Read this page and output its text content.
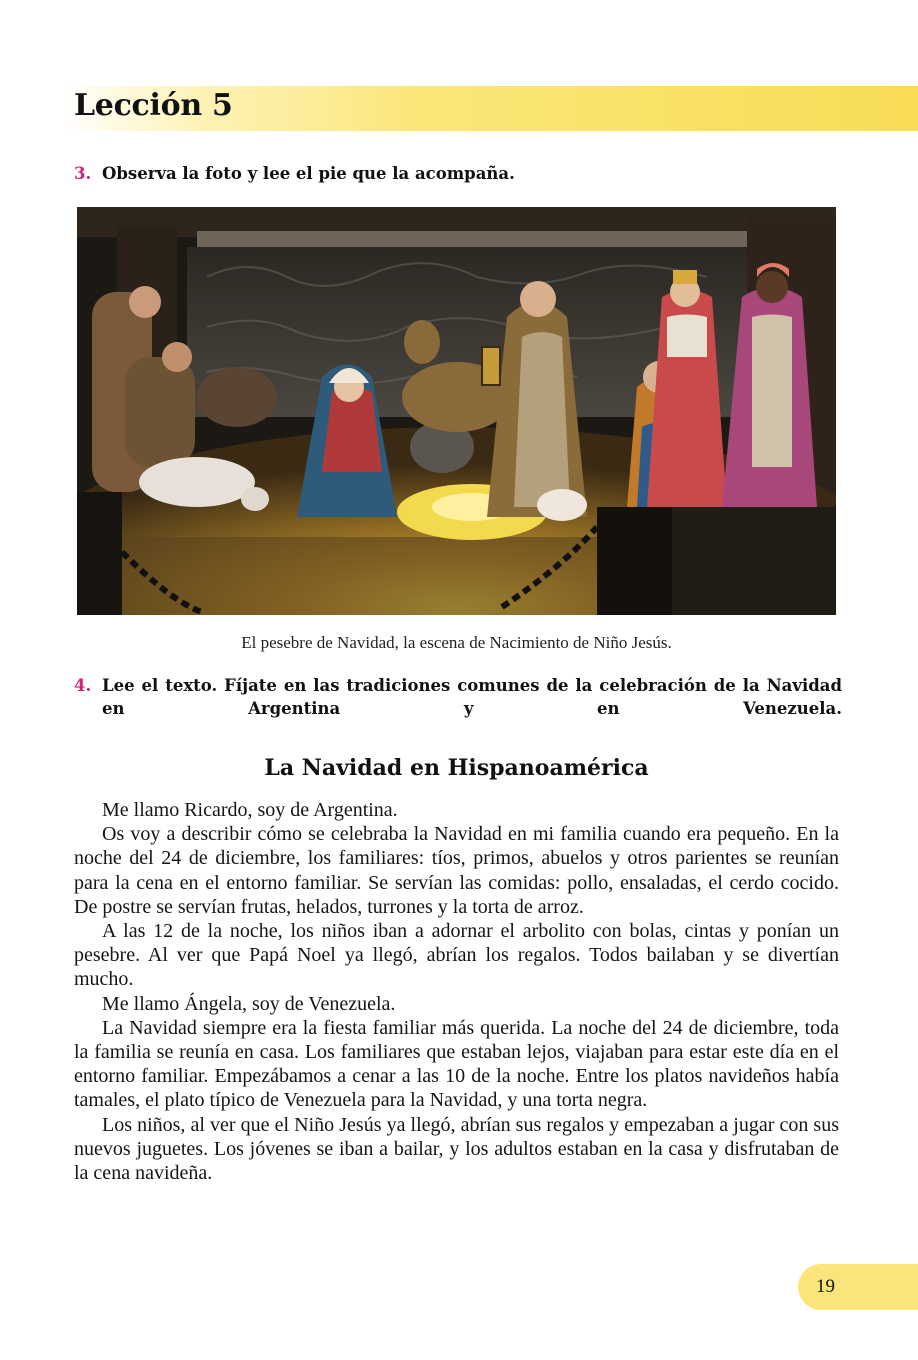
Lección 5
3. Observa la foto y lee el pie que la acompaña.
El pesebre de Navidad, la escena de Nacimiento de Niño Jesús.
4. Lee el texto. Fíjate en las tradiciones comunes de la celebración de la Navidad en Argentina y en Venezuela.
La Navidad en Hispanoamérica

Me llamo Ricardo, soy de Argentina.

Os voy a describir cómo se celebraba la Navidad en mi familia cuando era pequeño. En la noche del 24 de diciembre, los familiares: tíos, primos, abuelos y otros parientes se reunían para la cena en el entorno familiar. Se servían las comidas: pollo, ensaladas, el cerdo cocido. De postre se servían frutas, helados, turrones y la torta de arroz.

A las 12 de la noche, los niños iban a adornar el arbolito con bolas, cintas y ponían un pesebre. Al ver que Papá Noel ya llegó, abrían los regalos. Todos bailaban y se divertían mucho.

Me llamo Ángela, soy de Venezuela.

La Navidad siempre era la fiesta familiar más querida. La noche del 24 de diciembre, toda la familia se reunía en casa. Los familiares que estaban lejos, viajaban para estar este día en el entorno familiar. Empezábamos a cenar a las 10 de la noche. Entre los platos navideños había tamales, el plato típico de Venezuela para la Navidad, y una torta negra.

Los niños, al ver que el Niño Jesús ya llegó, abrían sus regalos y empezaban a jugar con sus nuevos juguetes. Los jóvenes se iban a bailar, y los adultos estaban en la casa y disfrutaban de la cena navideña.

19
